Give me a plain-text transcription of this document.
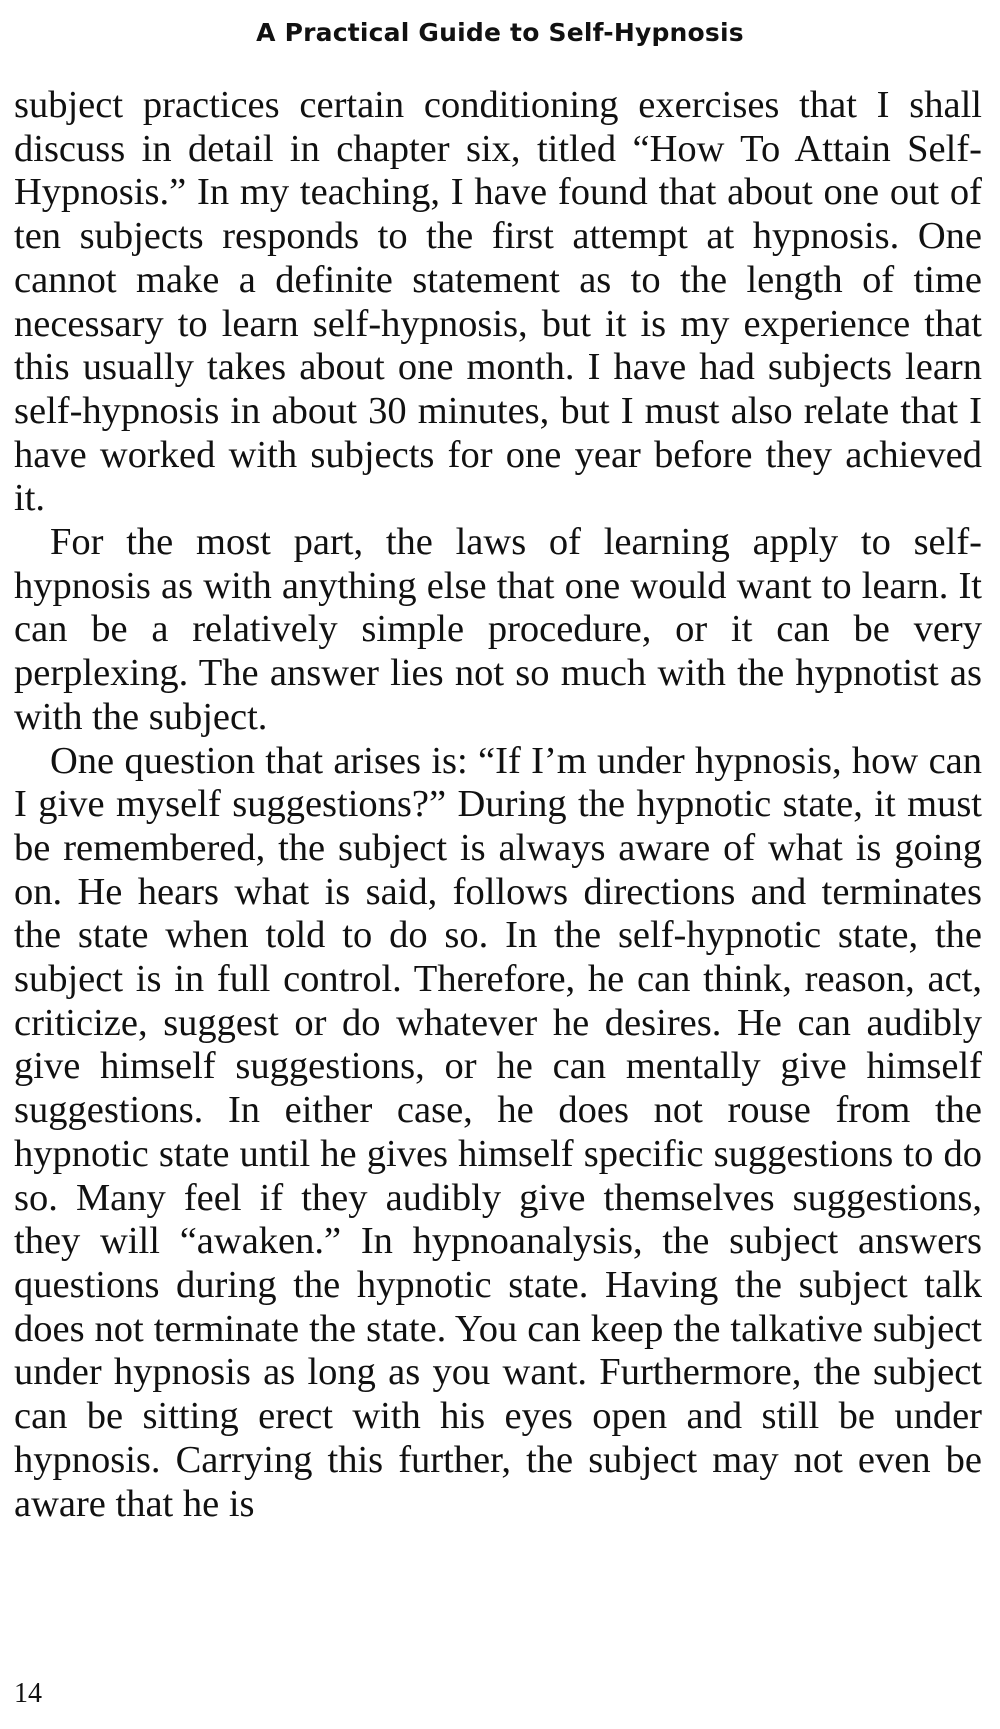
A Practical Guide to Self-Hypnosis

subject practices certain conditioning exercises that I shall discuss in detail in chapter six, titled “How To Attain Self-Hypnosis.” In my teaching, I have found that about one out of ten subjects responds to the first attempt at hypnosis. One cannot make a definite statement as to the length of time necessary to learn self-hypnosis, but it is my experience that this usually takes about one month. I have had subjects learn self-hypnosis in about 30 minutes, but I must also relate that I have worked with subjects for one year before they achieved it.

For the most part, the laws of learning apply to self-hypnosis as with anything else that one would want to learn. It can be a relatively simple procedure, or it can be very perplexing. The answer lies not so much with the hypnotist as with the subject.

One question that arises is: “If I’m under hypnosis, how can I give myself suggestions?” During the hypnotic state, it must be remembered, the subject is always aware of what is going on. He hears what is said, follows directions and terminates the state when told to do so. In the self-hypnotic state, the subject is in full control. Therefore, he can think, reason, act, criticize, suggest or do whatever he desires. He can audibly give himself suggestions, or he can mentally give himself suggestions. In either case, he does not rouse from the hypnotic state until he gives himself specific suggestions to do so. Many feel if they audibly give themselves suggestions, they will “awaken.” In hypnoanalysis, the subject answers questions during the hypnotic state. Having the subject talk does not terminate the state. You can keep the talkative subject under hypnosis as long as you want. Furthermore, the subject can be sitting erect with his eyes open and still be under hypnosis. Carrying this further, the subject may not even be aware that he is

14
